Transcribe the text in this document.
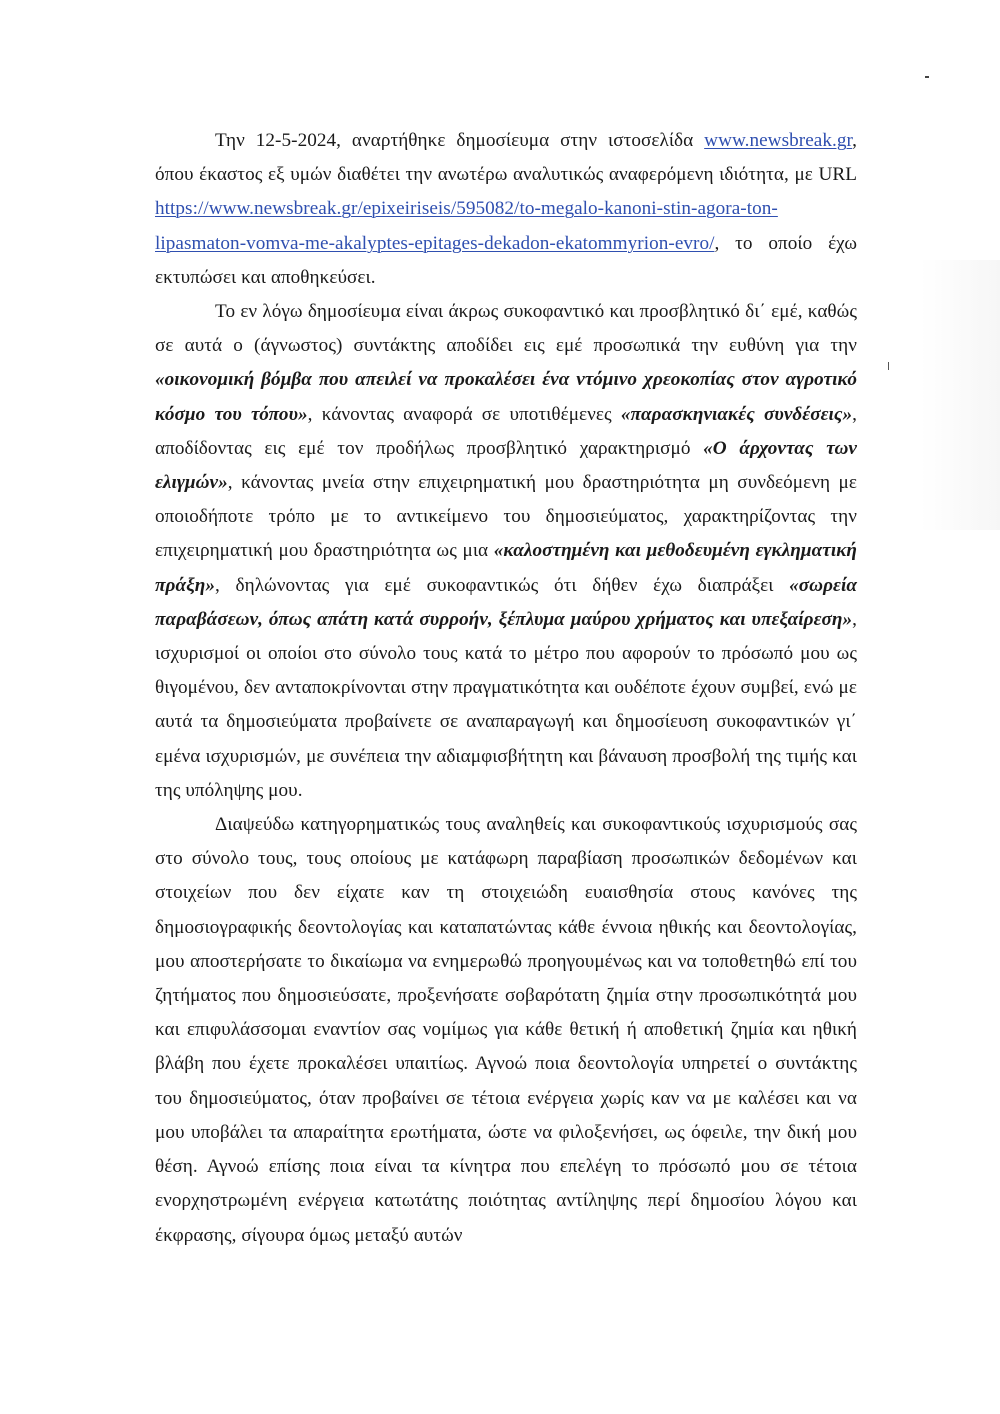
Την 12-5-2024, αναρτήθηκε δημοσίευμα στην ιστοσελίδα www.newsbreak.gr, όπου έκαστος εξ υμών διαθέτει την ανωτέρω αναλυτικώς αναφερόμενη ιδιότητα, με URL https://www.newsbreak.gr/epixeiriseis/595082/to-megalo-kanoni-stin-agora-ton-lipasmaton-vomva-me-akalyptes-epitages-dekadon-ekatommyrion-evro/, το οποίο έχω εκτυπώσει και αποθηκεύσει.

Το εν λόγω δημοσίευμα είναι άκρως συκοφαντικό και προσβλητικό δι΄ εμέ, καθώς σε αυτά ο (άγνωστος) συντάκτης αποδίδει εις εμέ προσωπικά την ευθύνη για την «οικονομική βόμβα που απειλεί να προκαλέσει ένα ντόμινο χρεοκοπίας στον αγροτικό κόσμο του τόπου», κάνοντας αναφορά σε υποτιθέμενες «παρασκηνιακές συνδέσεις», αποδίδοντας εις εμέ τον προδήλως προσβλητικό χαρακτηρισμό «Ο άρχοντας των ελιγμών», κάνοντας μνεία στην επιχειρηματική μου δραστηριότητα μη συνδεόμενη με οποιοδήποτε τρόπο με το αντικείμενο του δημοσιεύματος, χαρακτηρίζοντας την επιχειρηματική μου δραστηριότητα ως μια «καλοστημένη και μεθοδευμένη εγκληματική πράξη», δηλώνοντας για εμέ συκοφαντικώς ότι δήθεν έχω διαπράξει «σωρεία παραβάσεων, όπως απάτη κατά συρροήν, ξέπλυμα μαύρου χρήματος και υπεξαίρεση», ισχυρισμοί οι οποίοι στο σύνολο τους κατά το μέτρο που αφορούν το πρόσωπό μου ως θιγομένου, δεν ανταποκρίνονται στην πραγματικότητα και ουδέποτε έχουν συμβεί, ενώ με αυτά τα δημοσιεύματα προβαίνετε σε αναπαραγωγή και δημοσίευση συκοφαντικών γι΄ εμένα ισχυρισμών, με συνέπεια την αδιαμφισβήτητη και βάναυση προσβολή της τιμής και της υπόληψης μου.

Διαψεύδω κατηγορηματικώς τους αναληθείς και συκοφαντικούς ισχυρισμούς σας στο σύνολο τους, τους οποίους με κατάφωρη παραβίαση προσωπικών δεδομένων και στοιχείων που δεν είχατε καν τη στοιχειώδη ευαισθησία στους κανόνες της δημοσιογραφικής δεοντολογίας και καταπατώντας κάθε έννοια ηθικής και δεοντολογίας, μου αποστερήσατε το δικαίωμα να ενημερωθώ προηγουμένως και να τοποθετηθώ επί του ζητήματος που δημοσιεύσατε, προξενήσατε σοβαρότατη ζημία στην προσωπικότητά μου και επιφυλάσσομαι εναντίον σας νομίμως για κάθε θετική ή αποθετική ζημία και ηθική βλάβη που έχετε προκαλέσει υπαιτίως. Αγνοώ ποια δεοντολογία υπηρετεί ο συντάκτης του δημοσιεύματος, όταν προβαίνει σε τέτοια ενέργεια χωρίς καν να με καλέσει και να μου υποβάλει τα απαραίτητα ερωτήματα, ώστε να φιλοξενήσει, ως όφειλε, την δική μου θέση. Αγνοώ επίσης ποια είναι τα κίνητρα που επελέγη το πρόσωπό μου σε τέτοια ενορχηστρωμένη ενέργεια κατωτάτης ποιότητας αντίληψης περί δημοσίου λόγου και έκφρασης, σίγουρα όμως μεταξύ αυτών
